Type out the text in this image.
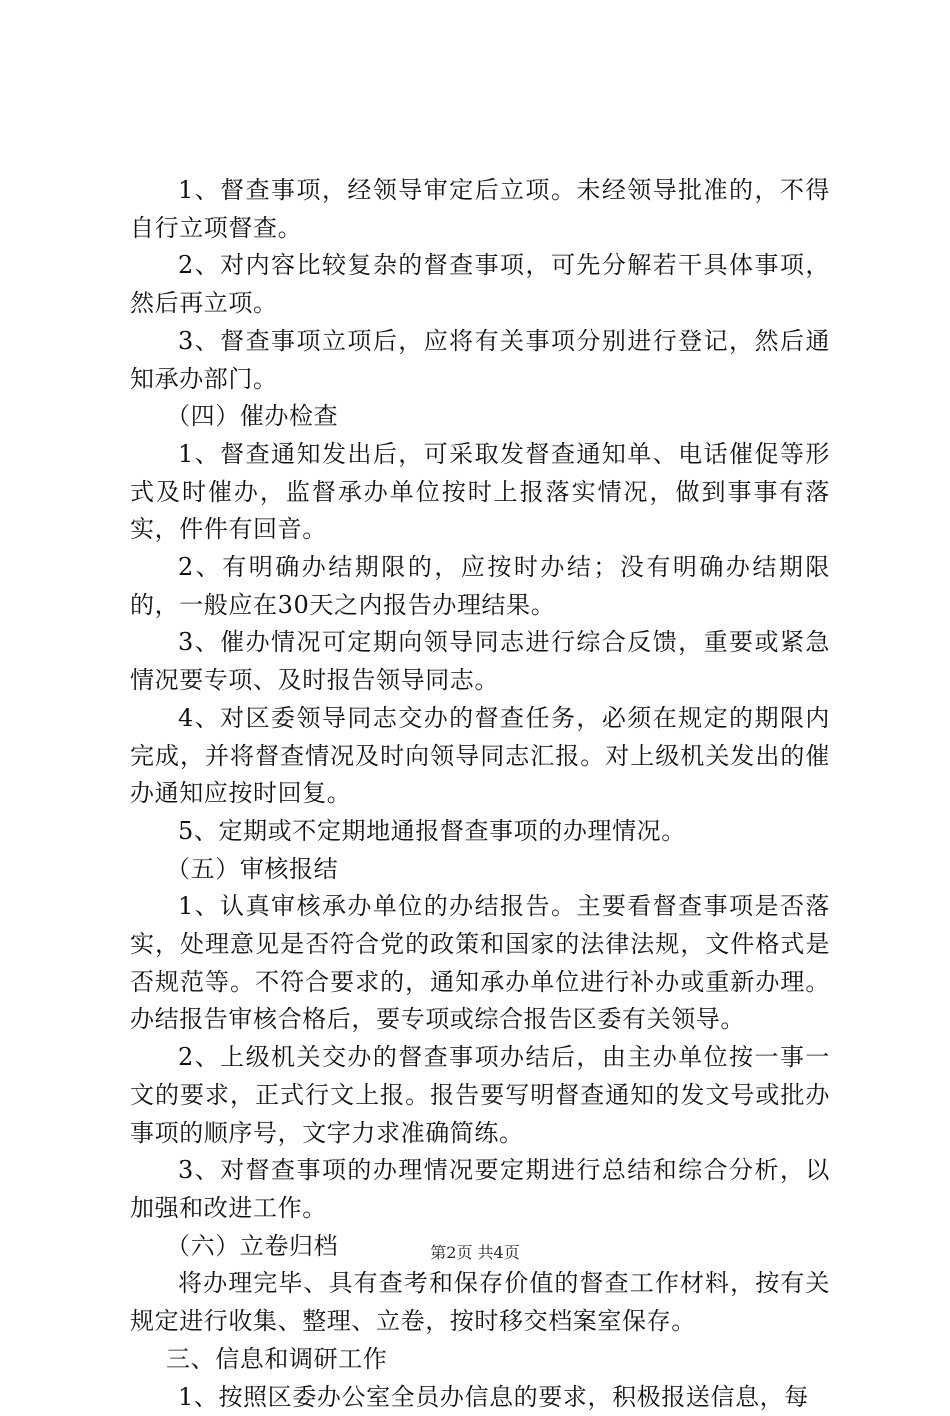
1、督查事项，经领导审定后立项。未经领导批准的，不得自行立项督查。

2、对内容比较复杂的督查事项，可先分解若干具体事项，然后再立项。

3、督查事项立项后，应将有关事项分别进行登记，然后通知承办部门。

（四）催办检查

1、督查通知发出后，可采取发督查通知单、电话催促等形式及时催办，监督承办单位按时上报落实情况，做到事事有落实，件件有回音。

2、有明确办结期限的，应按时办结；没有明确办结期限的，一般应在30天之内报告办理结果。

3、催办情况可定期向领导同志进行综合反馈，重要或紧急情况要专项、及时报告领导同志。

4、对区委领导同志交办的督查任务，必须在规定的期限内完成，并将督查情况及时向领导同志汇报。对上级机关发出的催办通知应按时回复。

5、定期或不定期地通报督查事项的办理情况。

（五）审核报结

1、认真审核承办单位的办结报告。主要看督查事项是否落实，处理意见是否符合党的政策和国家的法律法规，文件格式是否规范等。不符合要求的，通知承办单位进行补办或重新办理。办结报告审核合格后，要专项或综合报告区委有关领导。

2、上级机关交办的督查事项办结后，由主办单位按一事一文的要求，正式行文上报。报告要写明督查通知的发文号或批办事项的顺序号，文字力求准确简练。

3、对督查事项的办理情况要定期进行总结和综合分析，以加强和改进工作。

（六）立卷归档

将办理完毕、具有查考和保存价值的督查工作材料，按有关规定进行收集、整理、立卷，按时移交档案室保存。

三、信息和调研工作

1、按照区委办公室全员办信息的要求，积极报送信息，每

第2页 共4页
